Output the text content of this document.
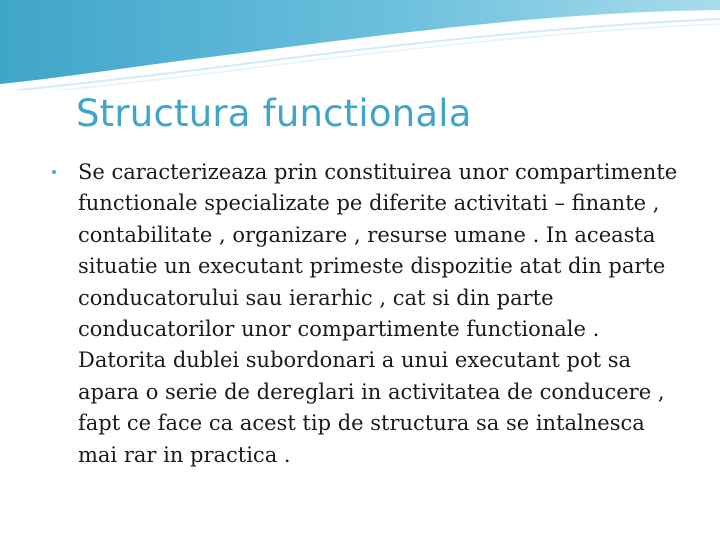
Structura functionala
Se caracterizeaza prin constituirea unor compartimente functionale specializate pe diferite activitati – finante , contabilitate , organizare , resurse umane . In aceasta situatie un executant primeste dispozitie atat din parte conducatorului sau ierarhic , cat si din parte conducatorilor unor compartimente functionale . Datorita dublei subordonari a unui executant pot sa apara o serie de dereglari in activitatea de conducere , fapt ce face ca acest tip de structura sa se intalnesca mai rar in practica .
